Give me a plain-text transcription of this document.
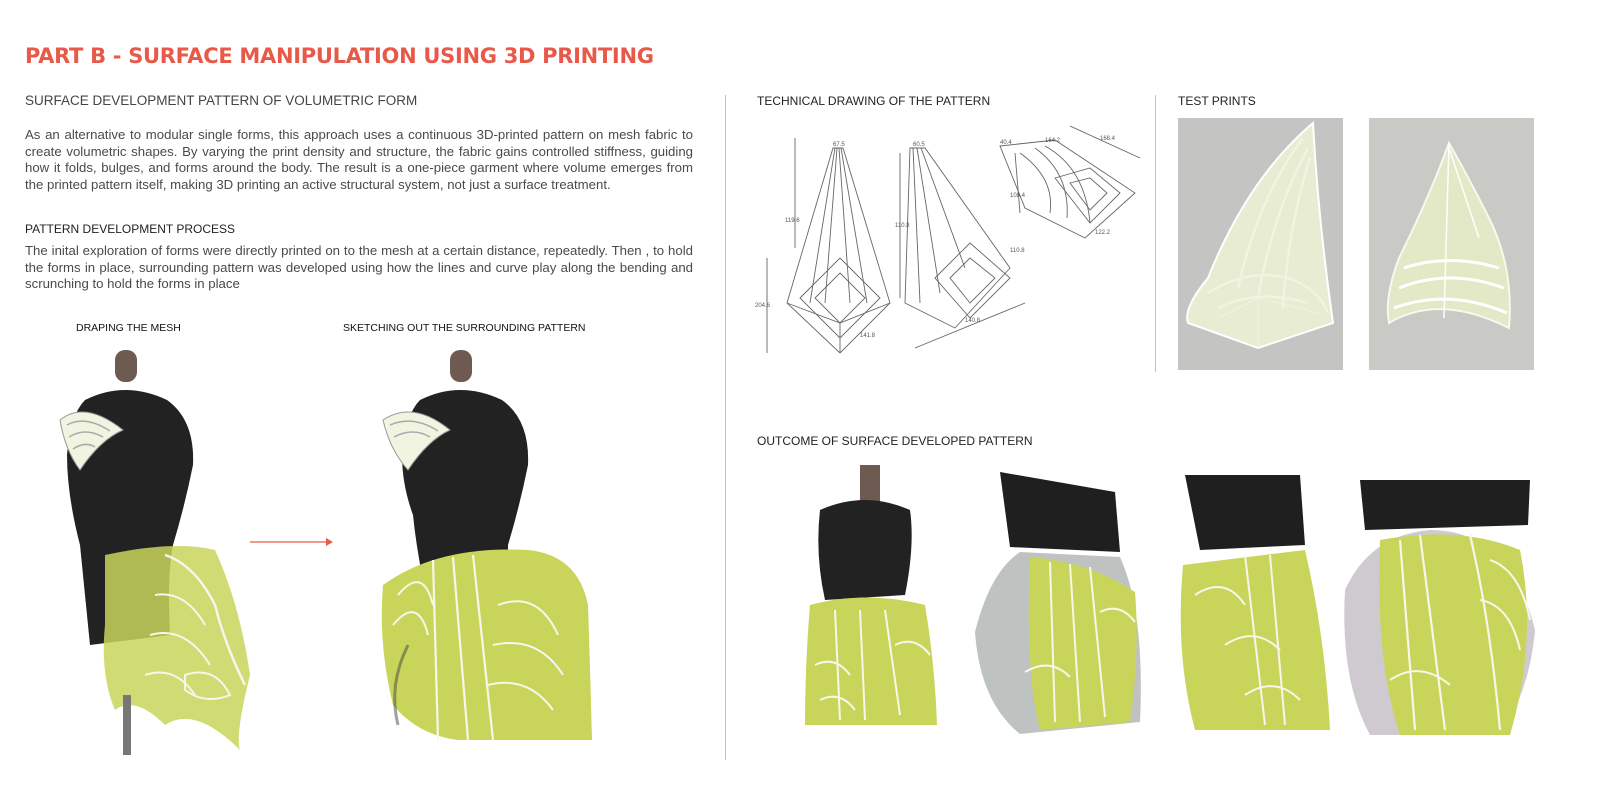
PART B - SURFACE MANIPULATION USING 3D PRINTING
SURFACE DEVELOPMENT PATTERN OF VOLUMETRIC FORM
As an alternative to modular single forms, this approach uses a continuous 3D-printed pattern on mesh fabric to create volumetric shapes. By varying the print density and structure, the fabric gains controlled stiffness, guiding how it folds, bulges, and forms around the body. The result is a one-piece garment where volume emerges from the printed pattern itself, making 3D printing an active structural system, not just a surface treatment.
PATTERN DEVELOPMENT PROCESS
The inital exploration of forms were directly printed on to the mesh at a certain distance, repeatedly. Then , to hold the forms in place, surrounding pattern was developed using how the lines and curve play along the bending and scrunching to hold the forms in place
DRAPING THE MESH	SKETCHING OUT THE SURROUNDING PATTERN
TECHNICAL DRAWING OF THE PATTERN	TEST PRINTS
OUTCOME OF SURFACE DEVELOPED PATTERN
67.5	60.5	40.4	164.2	168.4
119.6
110.8
204.6
140.8
141.8
108.4
122.2
110.8
